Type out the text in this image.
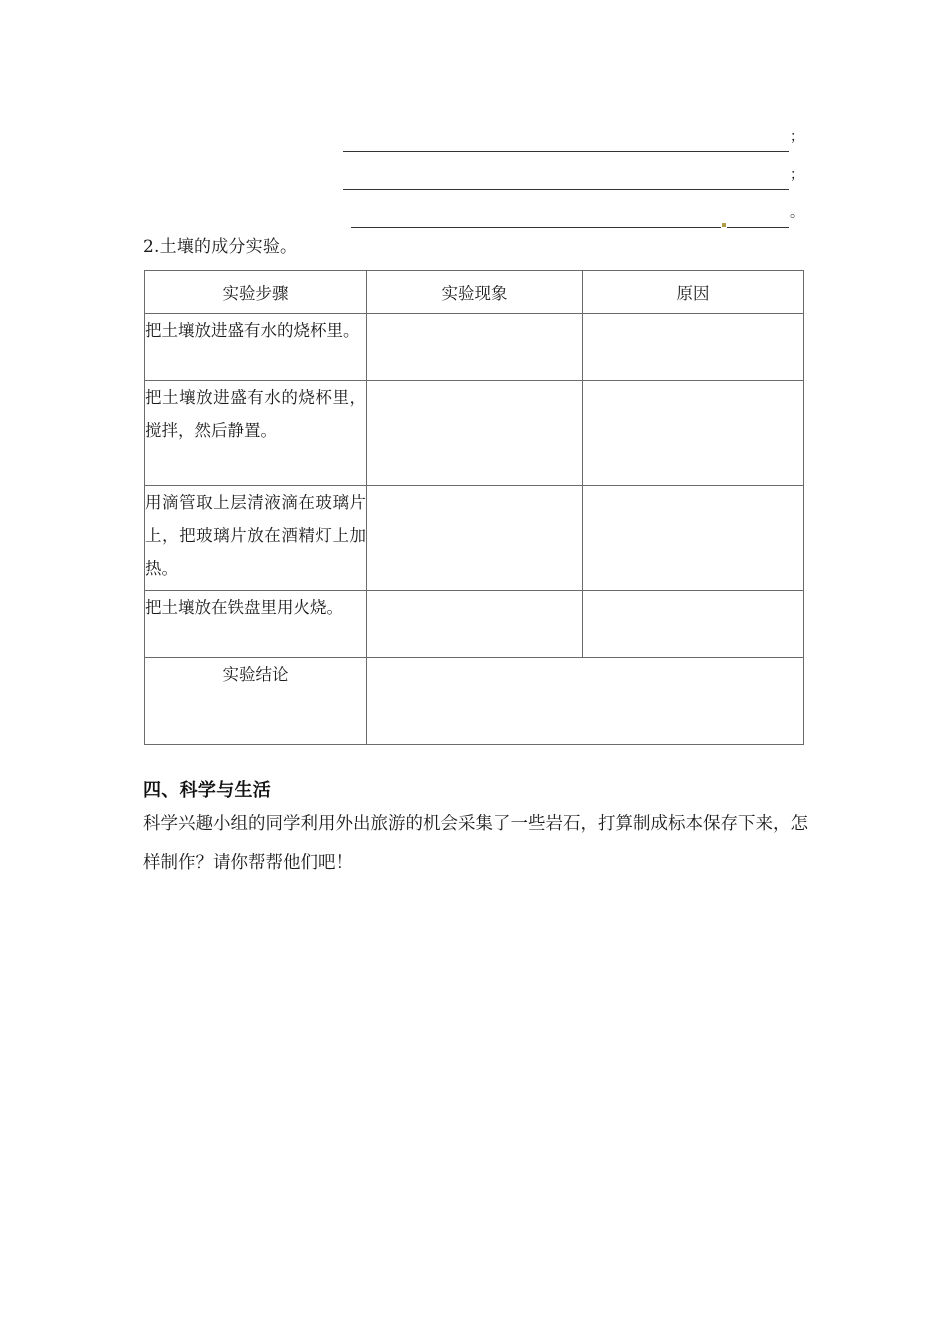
；
；
。
2.土壤的成分实验。
实验步骤	实验现象	原因
把土壤放进盛有水的烧杯里。		
把土壤放进盛有水的烧杯里，搅拌，然后静置。		
用滴管取上层清液滴在玻璃片上，把玻璃片放在酒精灯上加热。		
把土壤放在铁盘里用火烧。		
实验结论		
四、科学与生活
科学兴趣小组的同学利用外出旅游的机会采集了一些岩石，打算制成标本保存下来，怎样制作？请你帮帮他们吧！
